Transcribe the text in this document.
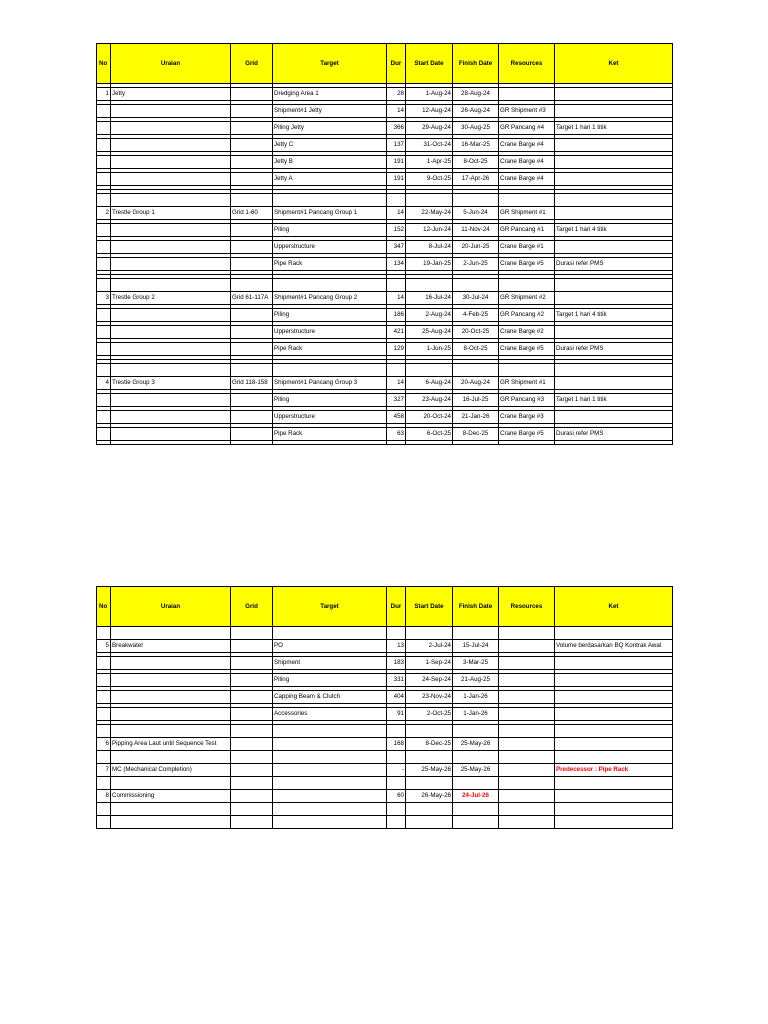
No	Uraian	Grid	Target	Dur	Start Date	Finish Date	Resources	Ket

1	Jetty		Dredging Area 1	28	1-Aug-24	28-Aug-24		

			Shipment#1 Jetty	14	12-Aug-24	26-Aug-24	GR Shipment #3	

			Piling Jetty	366	29-Aug-24	30-Aug-25	GR Pancang #4	Target 1 hari 1 titik

			Jetty C	137	31-Oct-24	16-Mar-25	Crane Barge #4	

			Jetty B	191	1-Apr-25	8-Oct-25	Crane Barge #4	

			Jetty A	191	9-Oct-25	17-Apr-26	Crane Barge #4	

2	Trestle Group 1	Grid 1-60	Shipment#1 Pancang Group 1	14	22-May-24	5-Jun-24	GR Shipment #1	

			Piling	152	12-Jun-24	11-Nov-24	GR Pancang #1	Target 1 hari 4 titik

			Upperstructure	347	8-Jul-24	20-Jun-25	Crane Barge #1	

			Pipe Rack	134	19-Jan-25	2-Jun-25	Crane Barge #5	Durasi refer PMS

3	Trestle Group 2	Grid 61-117A	Shipment#1 Pancang Group 2	14	16-Jul-24	30-Jul-24	GR Shipment #2	

			Piling	186	2-Aug-24	4-Feb-25	GR Pancang #2	Target 1 hari 4 titik

			Upperstructure	421	25-Aug-24	20-Oct-25	Crane Barge #2	

			Pipe Rack	129	1-Jun-25	8-Oct-25	Crane Barge #5	Durasi refer PMS

4	Trestle Group 3	Grid 118-158	Shipment#1 Pancang Group 3	14	6-Aug-24	20-Aug-24	GR Shipment #1	

			Piling	327	23-Aug-24	16-Jul-25	GR Pancang #3	Target 1 hari 1 titik

			Upperstructure	458	20-Oct-24	21-Jan-26	Crane Barge #3	

			Pipe Rack	63	6-Oct-25	8-Dec-25	Crane Barge #5	Durasi refer PMS

No	Uraian	Grid	Target	Dur	Start Date	Finish Date	Resources	Ket

5	Breakwater		PO	13	2-Jul-24	15-Jul-24		Volume berdasarkan BQ Kontrak Awal

			Shipment	183	1-Sep-24	3-Mar-25		

			Piling	331	24-Sep-24	21-Aug-25		

			Capping Beam & Clutch	404	23-Nov-24	1-Jan-26		

			Accessories	91	2-Oct-25	1-Jan-26		

6	Pipping Area Laut until Sequence Test			168	8-Dec-25	25-May-26		

7	MC (Mechanical Completion)			-	25-May-26	25-May-26		Predecessor : Pipe Rack

8	Commissioning			60	26-May-26	24-Jul-26		
